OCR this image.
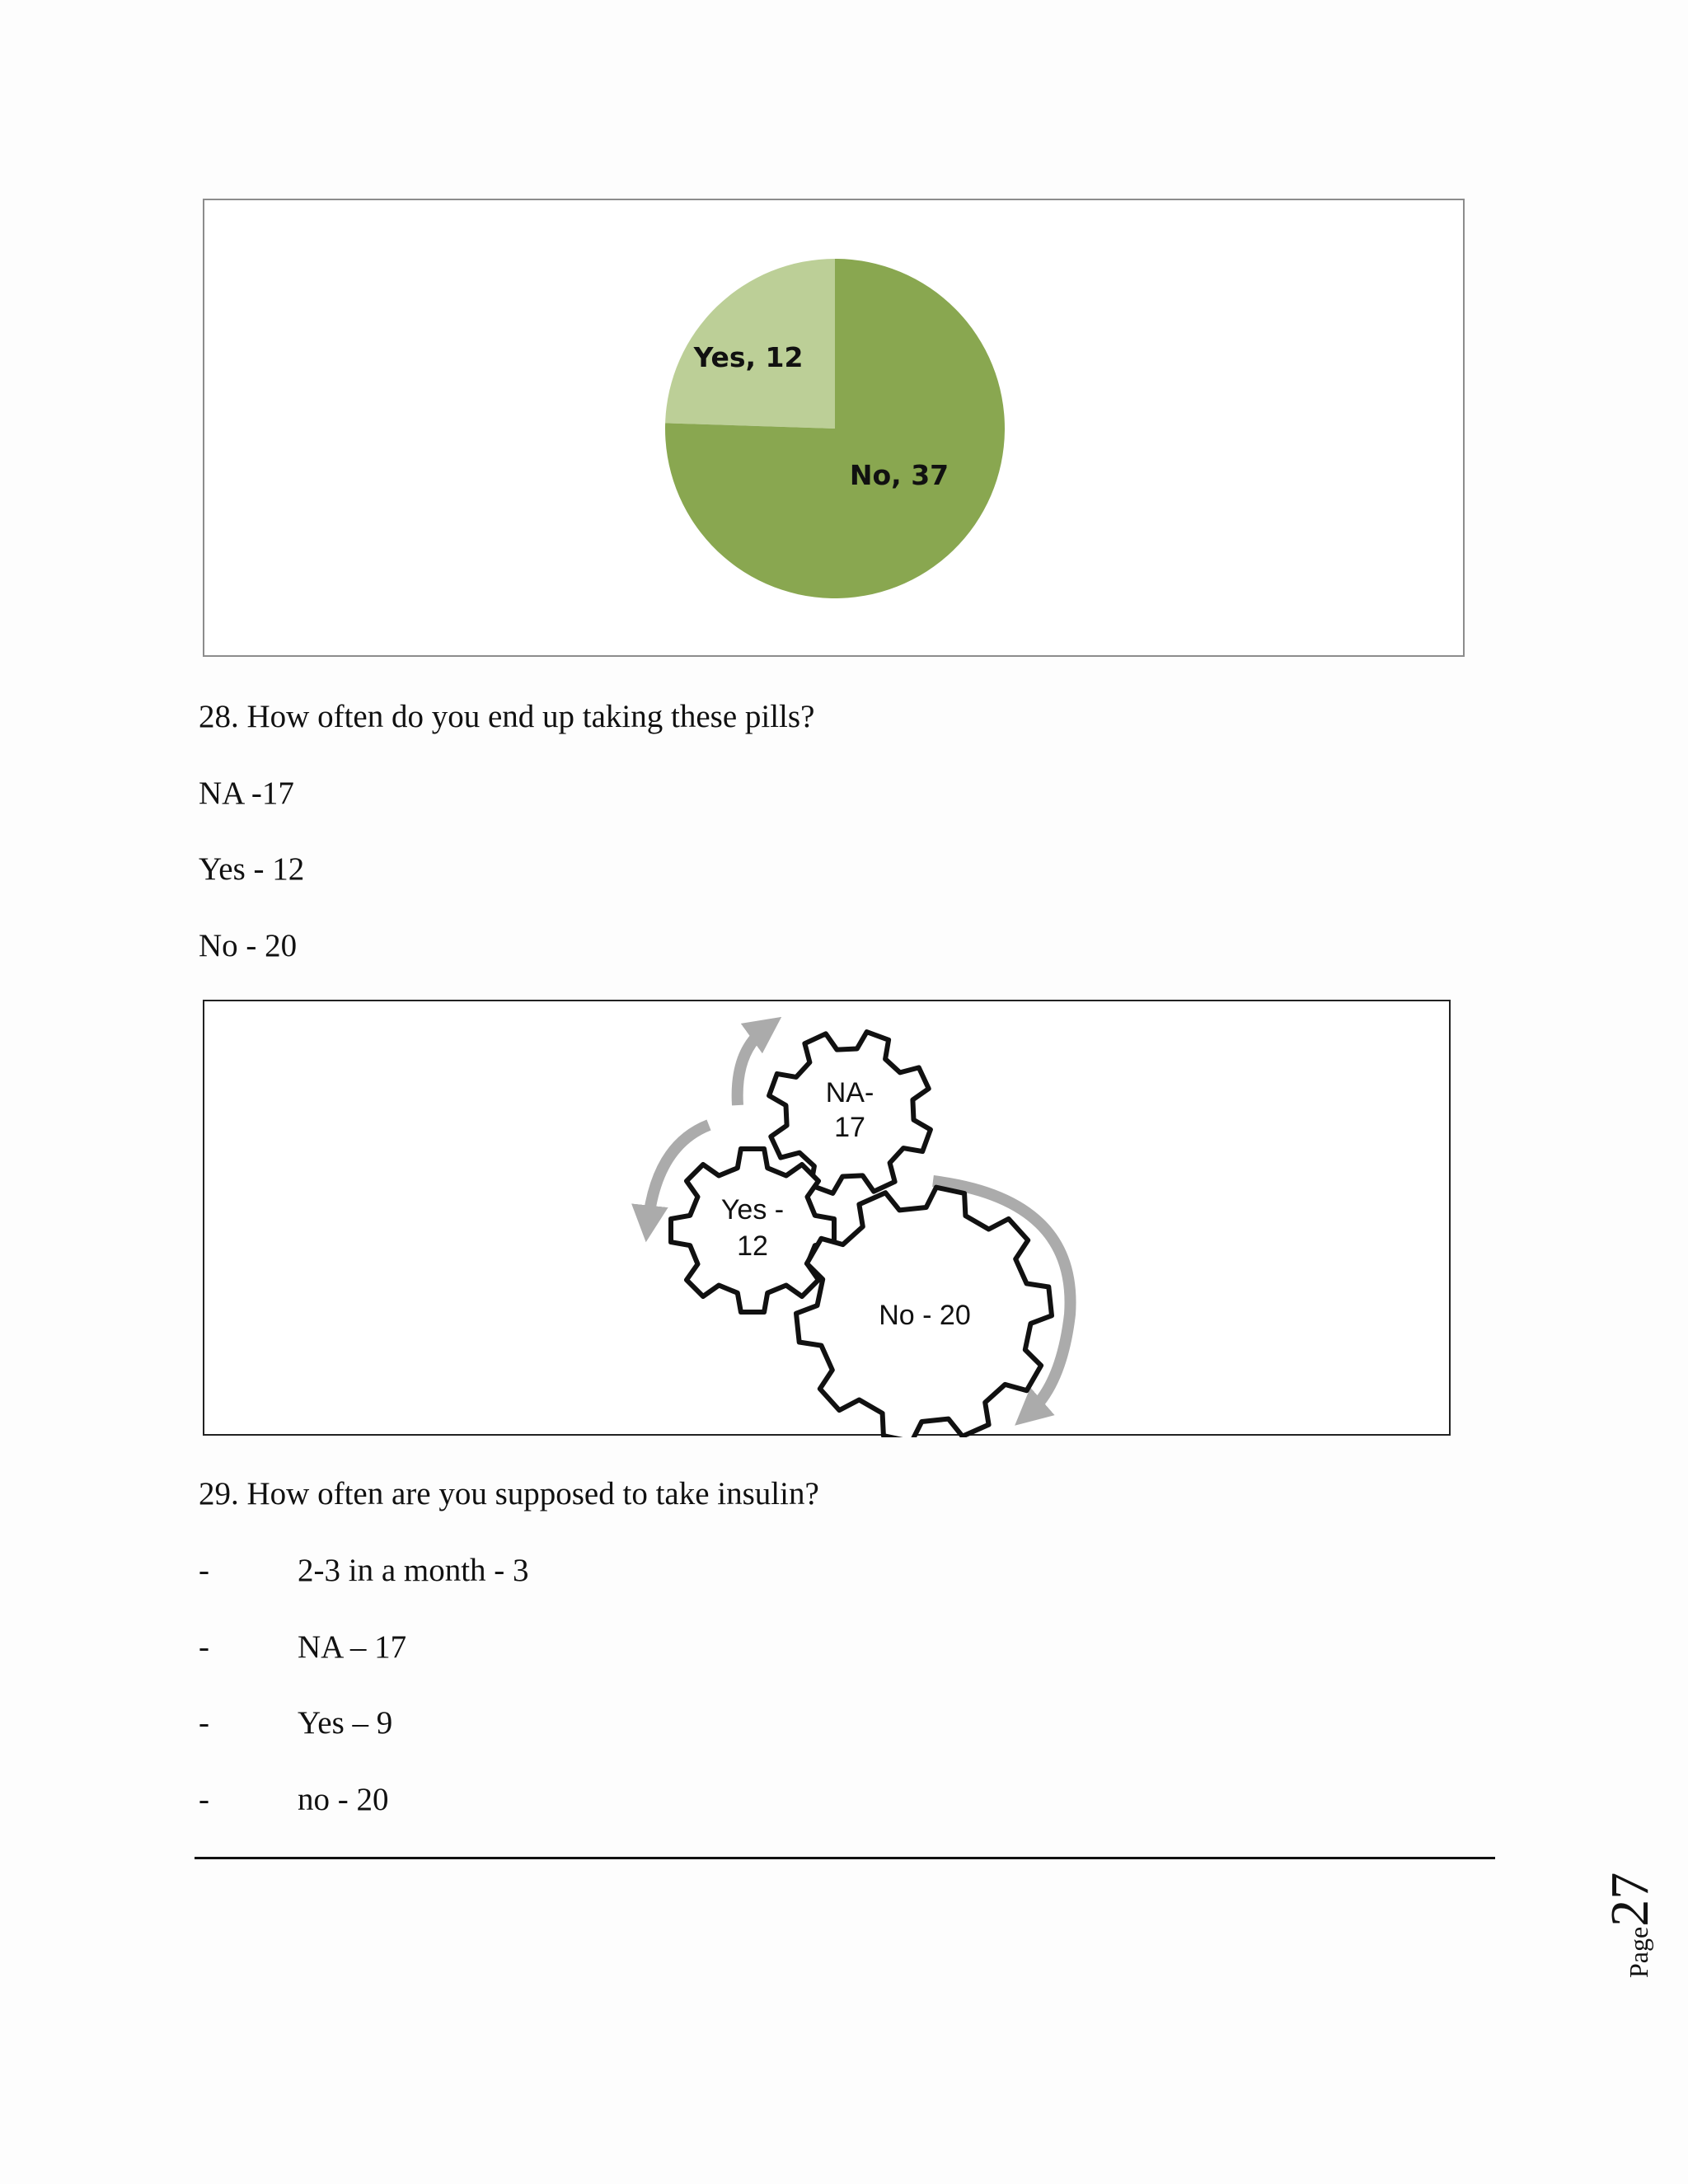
Yes, 12
No, 37
28. How often do you end up taking these pills?
NA -17
Yes - 12
No - 20
NA-
17
Yes -
12
No - 20
29. How often are you supposed to take insulin?
-	2-3 in a month - 3
-	NA – 17
-	Yes – 9
-	no - 20
Page27
